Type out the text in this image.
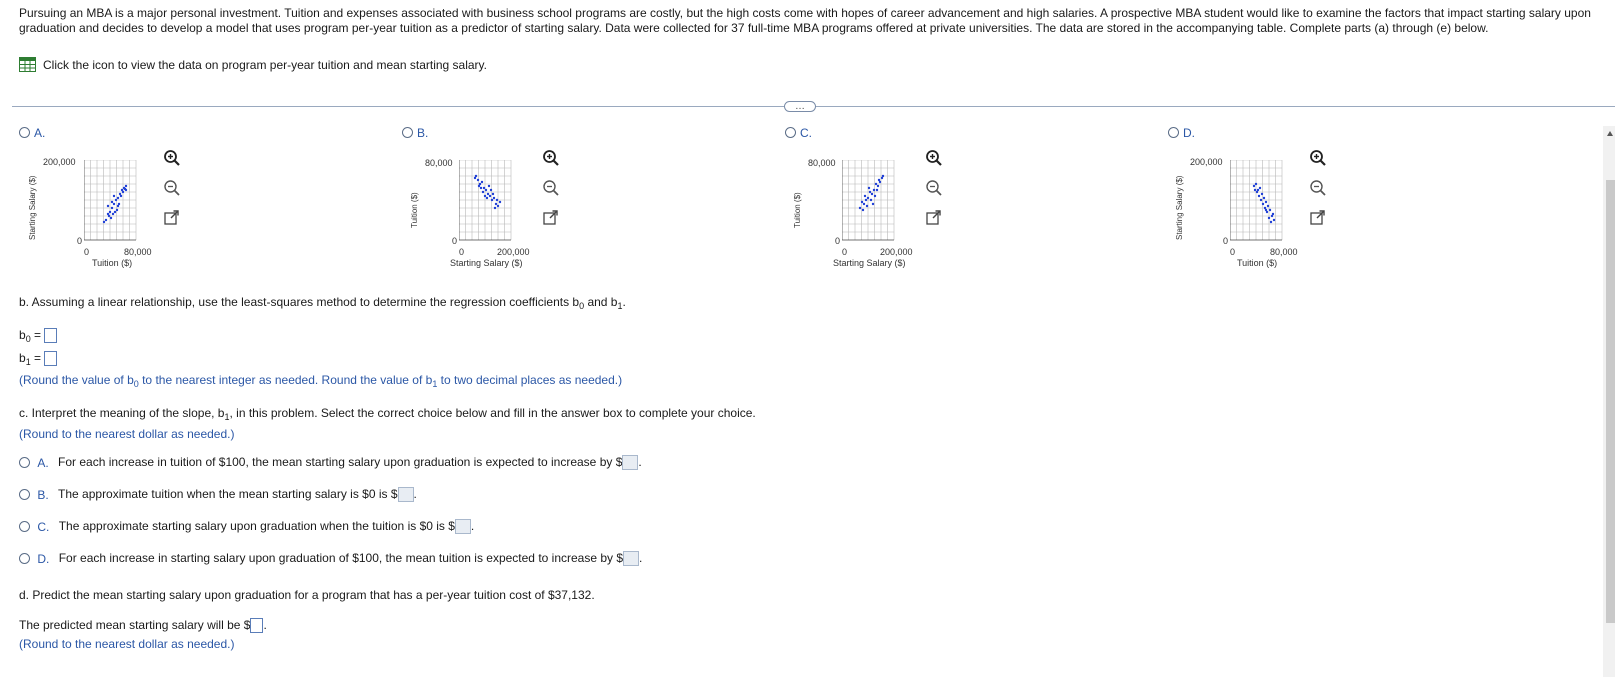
Pursuing an MBA is a major personal investment. Tuition and expenses associated with business school programs are costly, but the high costs come with hopes of career advancement and high salaries. A prospective MBA student would like to examine the factors that impact starting salary upon graduation and decides to develop a model that uses program per-year tuition as a predictor of starting salary. Data were collected for 37 full-time MBA programs offered at private universities. The data are stored in the accompanying table. Complete parts (a) through (e) below.
Click the icon to view the data on program per-year tuition and mean starting salary.
…
A.
Starting Salary ($)
200,000
0
0	80,000
Tuition ($)
B.
Tuition ($)
80,000
0
0	200,000
Starting Salary ($)
C.
Tuition ($)
80,000
0
0	200,000
Starting Salary ($)
D.
Starting Salary ($)
200,000
0
0	80,000
Tuition ($)
b. Assuming a linear relationship, use the least-squares method to determine the regression coefficients $b_0$ and $b_1$.
$b_0$ =
$b_1$ =
(Round the value of $b_0$ to the nearest integer as needed. Round the value of $b_1$ to two decimal places as needed.)
c. Interpret the meaning of the slope, $b_1$, in this problem. Select the correct choice below and fill in the answer box to complete your choice.
(Round to the nearest dollar as needed.)
A. For each increase in tuition of $100, the mean starting salary upon graduation is expected to increase by $ .
B. The approximate tuition when the mean starting salary is $0 is $ .
C. The approximate starting salary upon graduation when the tuition is $0 is $ .
D. For each increase in starting salary upon graduation of $100, the mean tuition is expected to increase by $ .
d. Predict the mean starting salary upon graduation for a program that has a per-year tuition cost of $37,132.
The predicted mean starting salary will be $ .
(Round to the nearest dollar as needed.)
